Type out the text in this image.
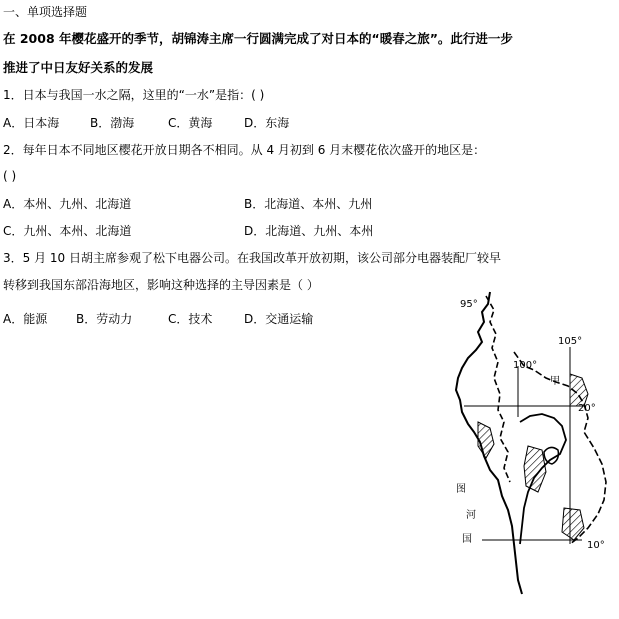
一、单项选择题
在 2008 年樱花盛开的季节，胡锦涛主席一行圆满完成了对日本的“暖春之旅”。此行进一步
推进了中日友好关系的发展
1．日本与我国一水之隔，这里的“一水”是指：( )
A．日本海	B．渤海	C．黄海	D．东海
2．每年日本不同地区樱花开放日期各不相同。从 4 月初到 6 月末樱花依次盛开的地区是：
( )
A．本州、九州、北海道	B．北海道、本州、九州
C．九州、本州、北海道	D．北海道、九州、本州
3．5 月 10 日胡主席参观了松下电器公司。在我国改革开放初期，该公司部分电器装配厂较早
转移到我国东部沿海地区，影响这种选择的主导因素是（ ）
A．能源 B．劳动力	C．技术	D．交通运输
95°
105°
100°
甲
20°
10°
图
河
国
